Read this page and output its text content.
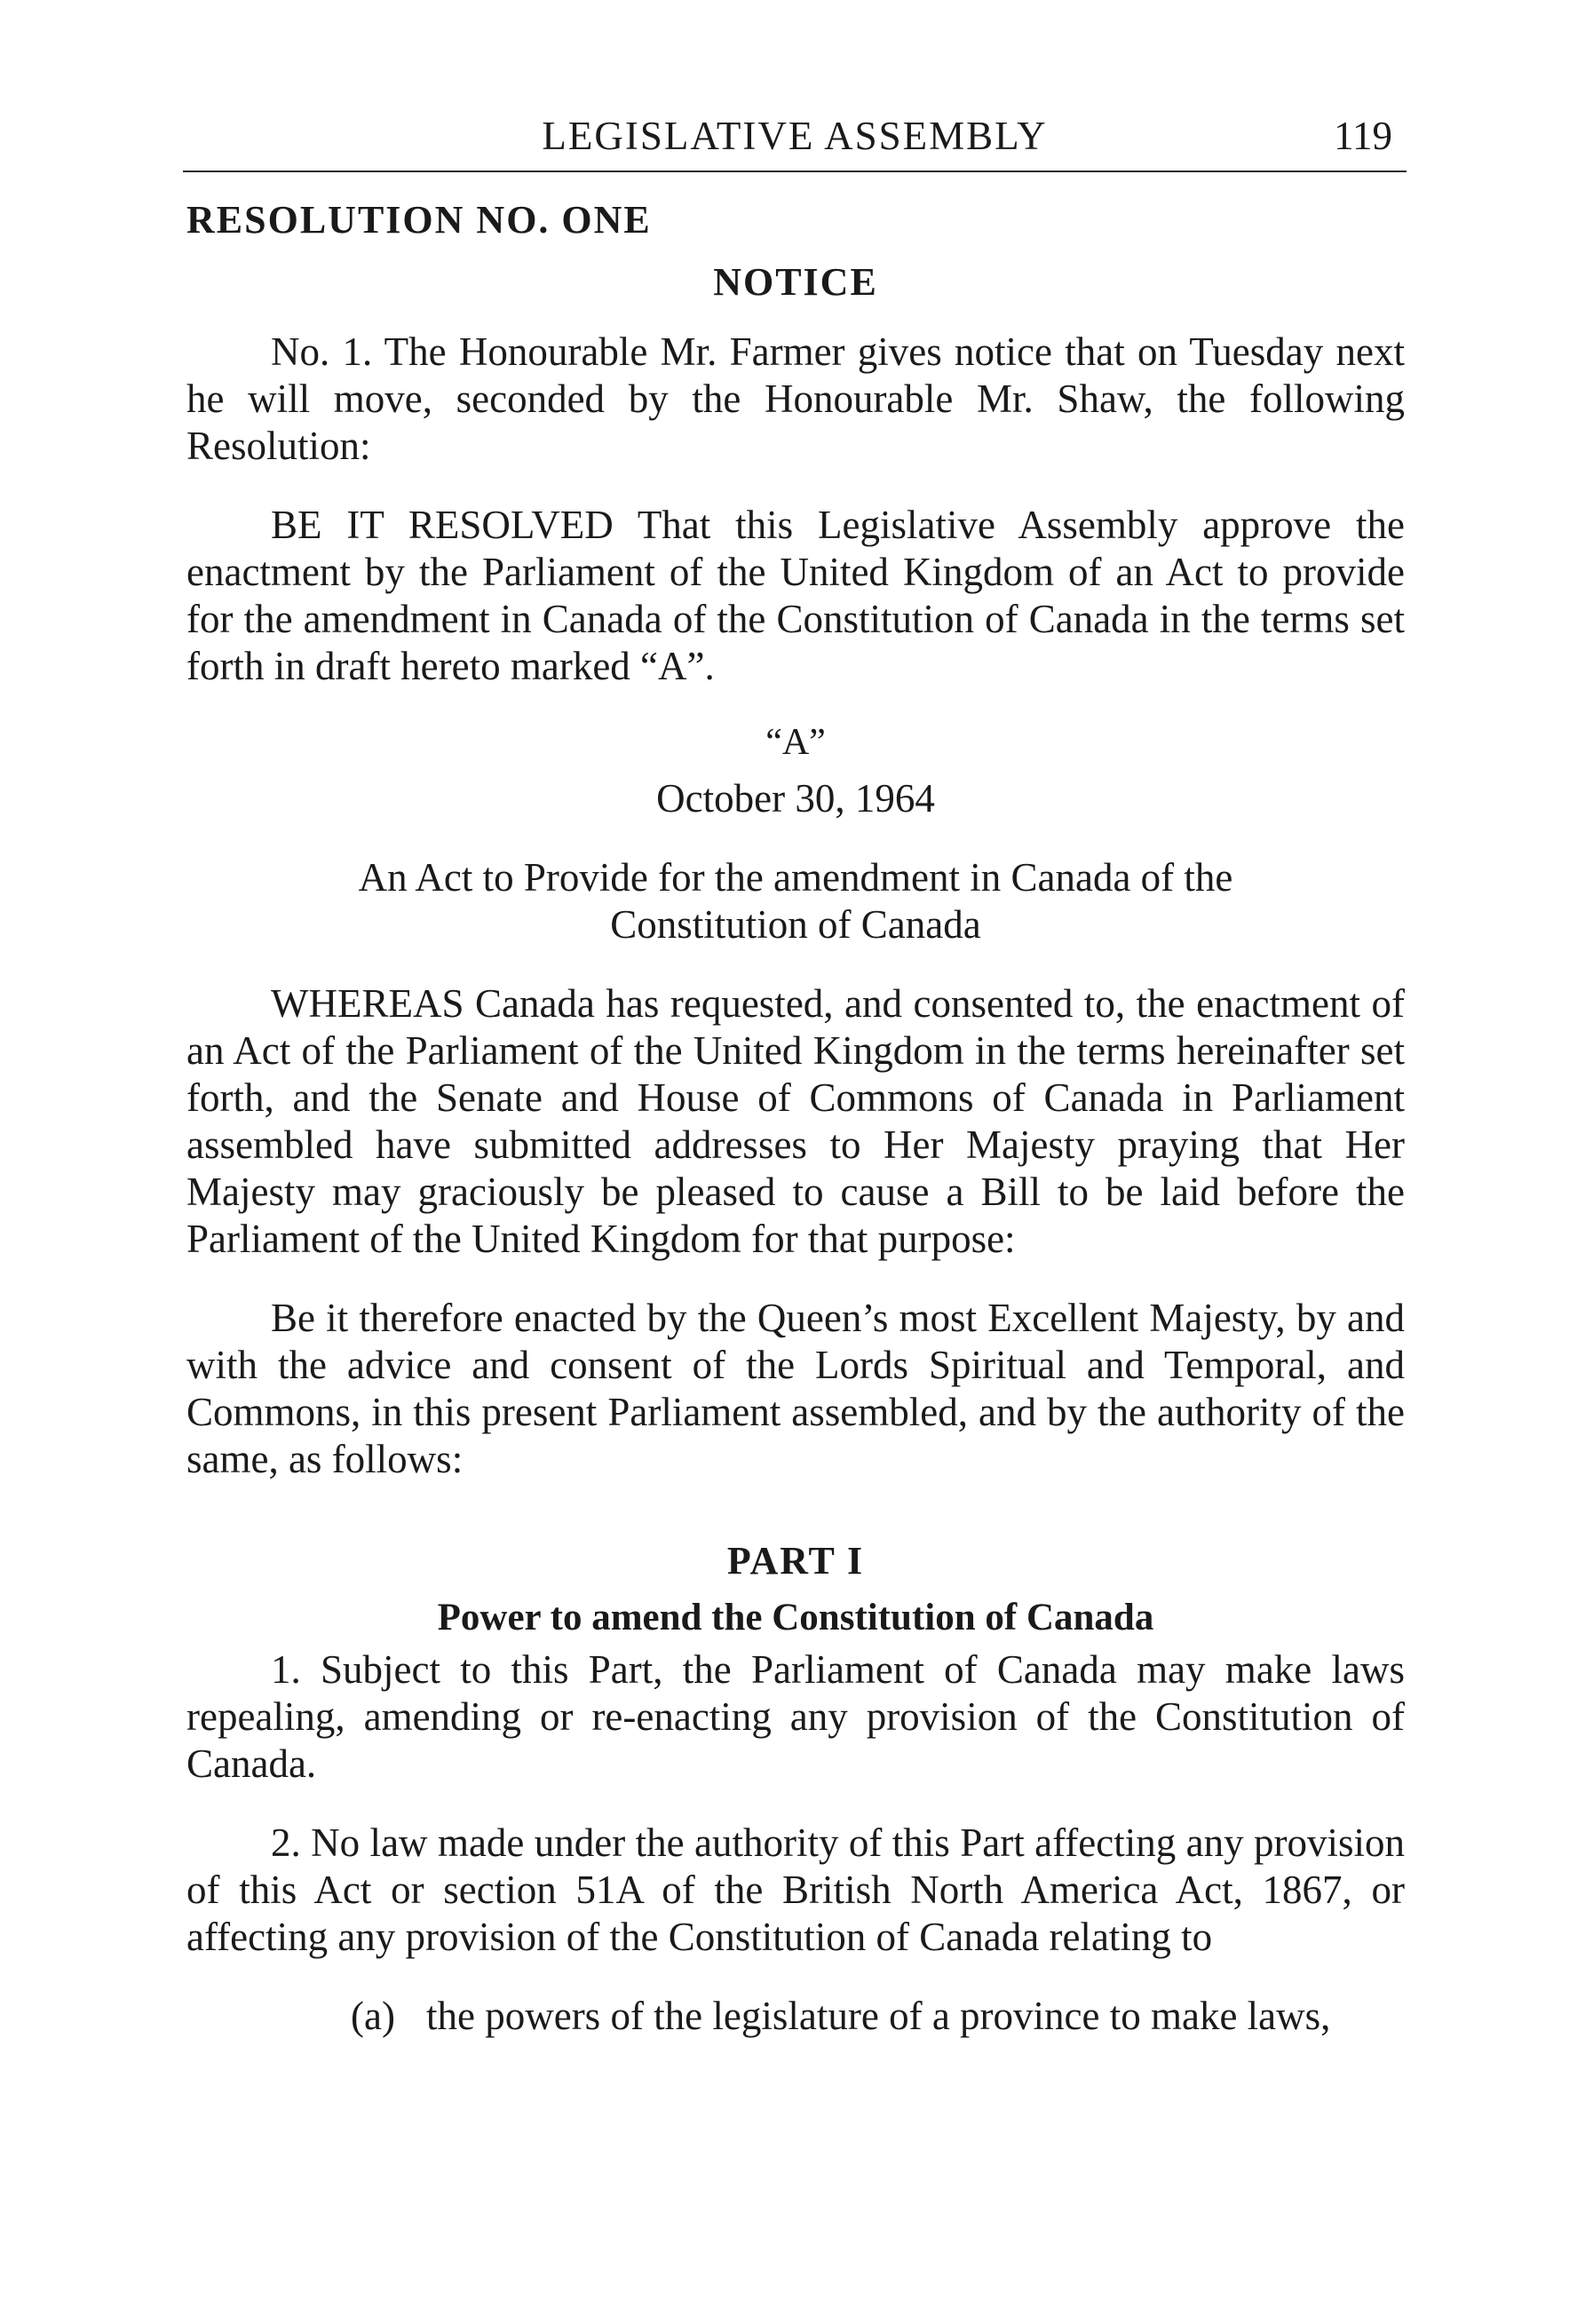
LEGISLATIVE ASSEMBLY	119
RESOLUTION NO. ONE
NOTICE

No. 1. The Honourable Mr. Farmer gives notice that on Tuesday next he will move, seconded by the Honourable Mr. Shaw, the following Resolution:

BE IT RESOLVED That this Legislative Assembly approve the enactment by the Parliament of the United Kingdom of an Act to provide for the amendment in Canada of the Constitution of Canada in the terms set forth in draft hereto marked “A”.

“A”

October 30, 1964

An Act to Provide for the amendment in Canada of the

Constitution of Canada

WHEREAS Canada has requested, and consented to, the enactment of an Act of the Parliament of the United Kingdom in the terms hereinafter set forth, and the Senate and House of Commons of Canada in Parliament assembled have submitted addresses to Her Majesty praying that Her Majesty may graciously be pleased to cause a Bill to be laid before the Parliament of the United Kingdom for that purpose:

Be it therefore enacted by the Queen’s most Excellent Majesty, by and with the advice and consent of the Lords Spiritual and Temporal, and Commons, in this present Parliament assembled, and by the authority of the same, as follows:

PART I
Power to amend the Constitution of Canada

1. Subject to this Part, the Parliament of Canada may make laws repealing, amending or re-enacting any provision of the Constitution of Canada.

2. No law made under the authority of this Part affecting any provision of this Act or section 51A of the British North America Act, 1867, or affecting any provision of the Constitution of Canada relating to

(a) the powers of the legislature of a province to make laws,
